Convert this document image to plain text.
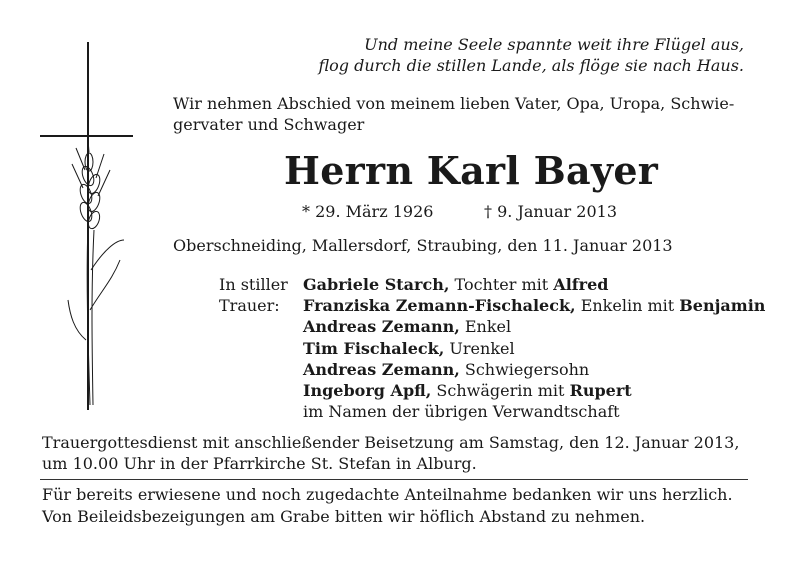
Und meine Seele spannte weit ihre Flügel aus,
flog durch die stillen Lande, als flöge sie nach Haus.
Wir nehmen Abschied von meinem lieben Vater, Opa, Uropa, Schwie-
gervater und Schwager
Herrn Karl Bayer
* 29. März 1926	† 9. Januar 2013
Oberschneiding, Mallersdorf, Straubing, den 11. Januar 2013
In stiller
Trauer:
Gabriele Starch, Tochter mit Alfred
Franziska Zemann-Fischaleck, Enkelin mit Benjamin
Andreas Zemann, Enkel
Tim Fischaleck, Urenkel
Andreas Zemann, Schwiegersohn
Ingeborg Apfl, Schwägerin mit Rupert
im Namen der übrigen Verwandtschaft
Trauergottesdienst mit anschließender Beisetzung am Samstag, den 12. Januar 2013,
um 10.00 Uhr in der Pfarrkirche St. Stefan in Alburg.
Für bereits erwiesene und noch zugedachte Anteilnahme bedanken wir uns herzlich.
Von Beileidsbezeigungen am Grabe bitten wir höflich Abstand zu nehmen.
